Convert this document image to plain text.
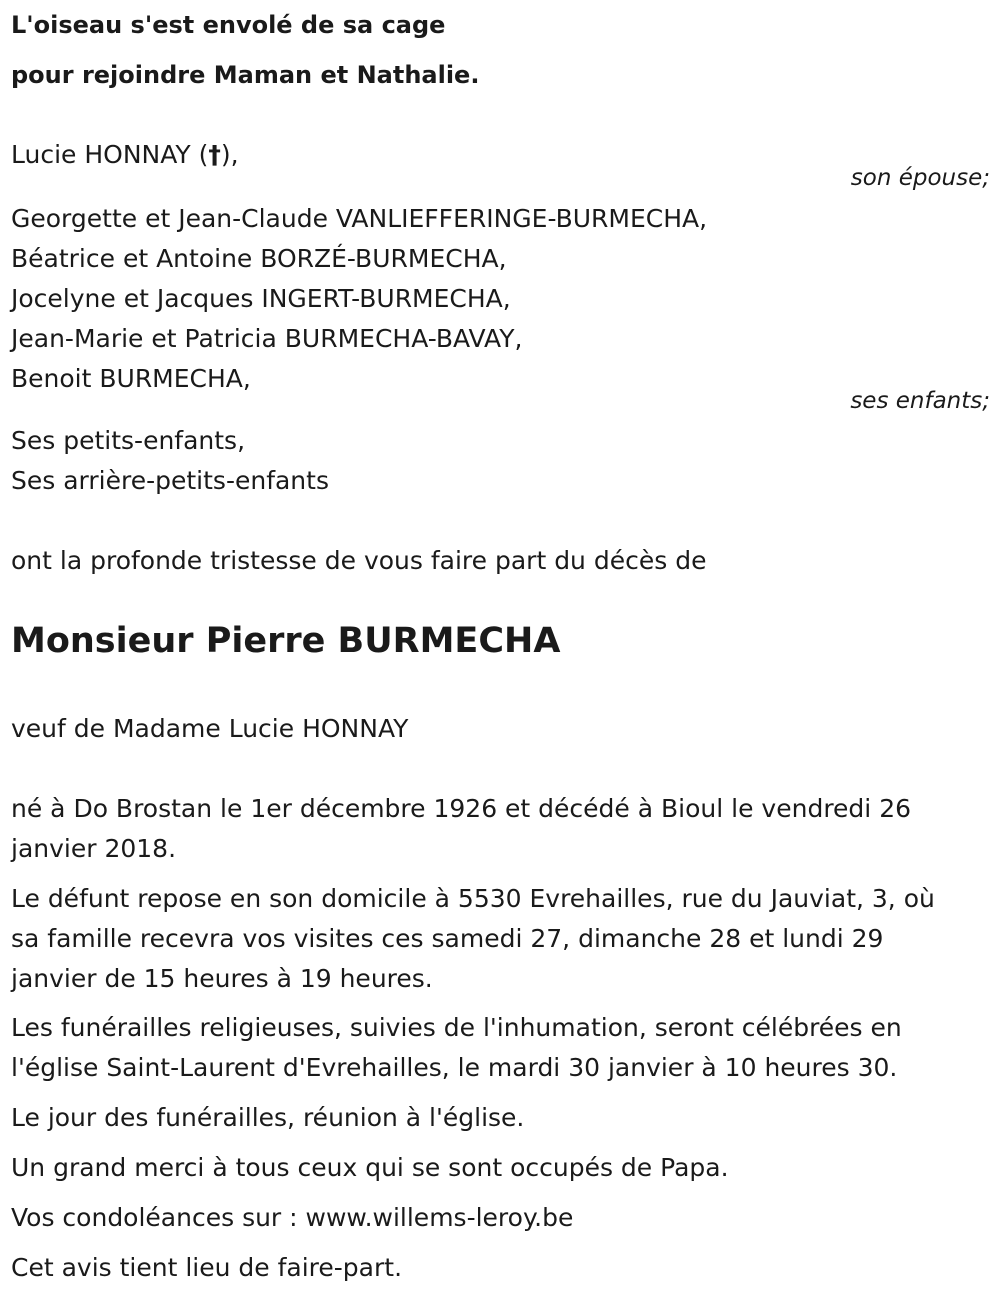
L'oiseau s'est envolé de sa cage
pour rejoindre Maman et Nathalie.
Lucie HONNAY (†),
son épouse;
Georgette et Jean-Claude VANLIEFFERINGE-BURMECHA,
Béatrice et Antoine BORZÉ-BURMECHA,
Jocelyne et Jacques INGERT-BURMECHA,
Jean-Marie et Patricia BURMECHA-BAVAY,
Benoit BURMECHA,
ses enfants;
Ses petits-enfants,
Ses arrière-petits-enfants
ont la profonde tristesse de vous faire part du décès de
Monsieur Pierre BURMECHA
veuf de Madame Lucie HONNAY
né à Do Brostan le 1er décembre 1926 et décédé à Bioul le vendredi 26
janvier 2018.
Le défunt repose en son domicile à 5530 Evrehailles, rue du Jauviat, 3, où
sa famille recevra vos visites ces samedi 27, dimanche 28 et lundi 29
janvier de 15 heures à 19 heures.
Les funérailles religieuses, suivies de l'inhumation, seront célébrées en
l'église Saint-Laurent d'Evrehailles, le mardi 30 janvier à 10 heures 30.
Le jour des funérailles, réunion à l'église.
Un grand merci à tous ceux qui se sont occupés de Papa.
Vos condoléances sur : www.willems-leroy.be
Cet avis tient lieu de faire-part.
